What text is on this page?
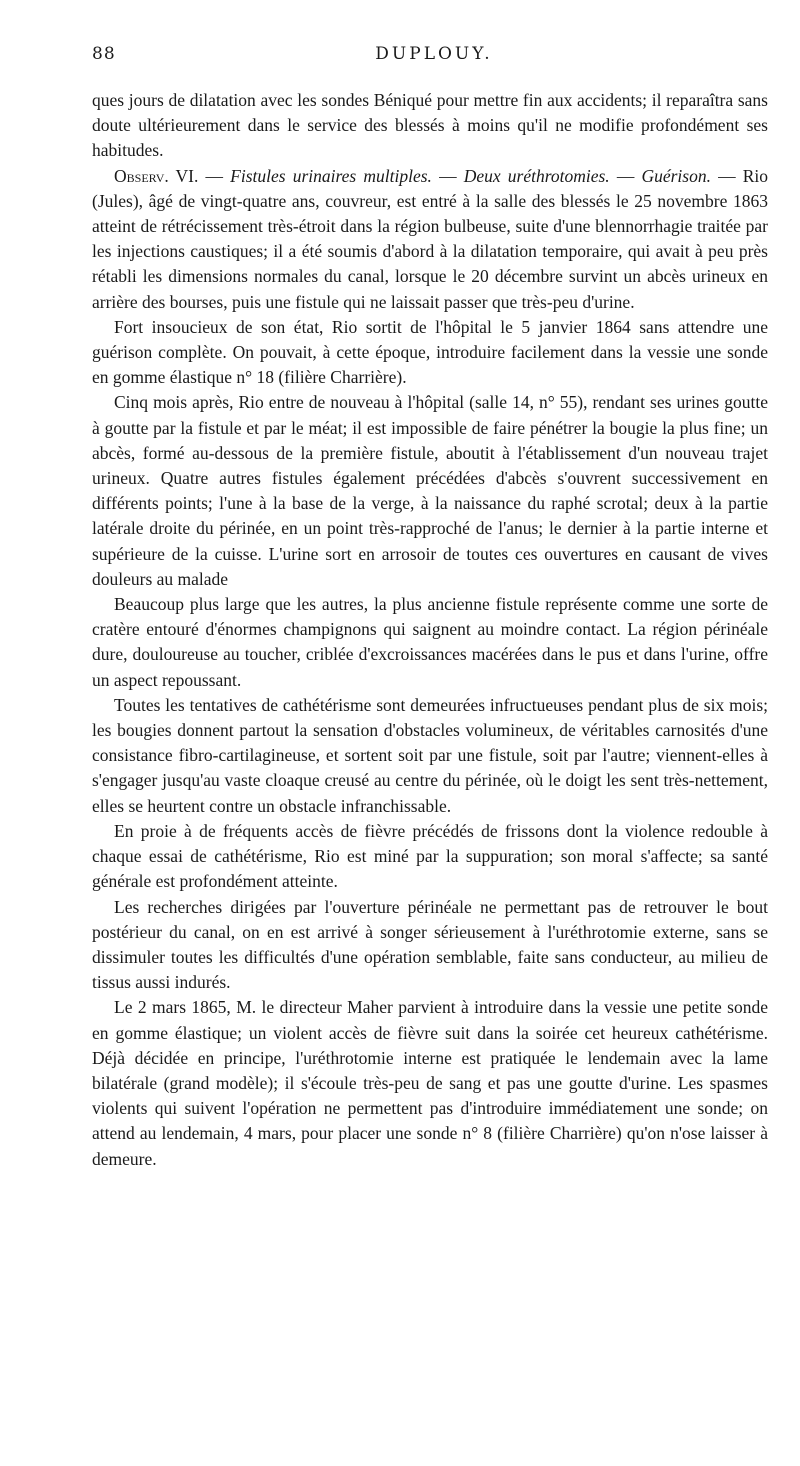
88	DUPLOUY.

ques jours de dilatation avec les sondes Béniqué pour mettre fin aux accidents; il reparaîtra sans doute ultérieurement dans le service des blessés à moins qu'il ne modifie profondément ses habitudes.

Observ. VI. — Fistules urinaires multiples. — Deux uréthrotomies. — Guérison. — Rio (Jules), âgé de vingt-quatre ans, couvreur, est entré à la salle des blessés le 25 novembre 1863 atteint de rétrécissement très-étroit dans la région bulbeuse, suite d'une blennorrhagie traitée par les injections caustiques; il a été soumis d'abord à la dilatation temporaire, qui avait à peu près rétabli les dimensions normales du canal, lorsque le 20 décembre survint un abcès urineux en arrière des bourses, puis une fistule qui ne laissait passer que très-peu d'urine.

Fort insoucieux de son état, Rio sortit de l'hôpital le 5 janvier 1864 sans attendre une guérison complète. On pouvait, à cette époque, introduire facilement dans la vessie une sonde en gomme élastique n° 18 (filière Charrière).

Cinq mois après, Rio entre de nouveau à l'hôpital (salle 14, n° 55), rendant ses urines goutte à goutte par la fistule et par le méat; il est impossible de faire pénétrer la bougie la plus fine; un abcès, formé au-dessous de la première fistule, aboutit à l'établissement d'un nouveau trajet urineux. Quatre autres fistules également précédées d'abcès s'ouvrent successivement en différents points; l'une à la base de la verge, à la naissance du raphé scrotal; deux à la partie latérale droite du périnée, en un point très-rapproché de l'anus; le dernier à la partie interne et supérieure de la cuisse. L'urine sort en arrosoir de toutes ces ouvertures en causant de vives douleurs au malade

Beaucoup plus large que les autres, la plus ancienne fistule représente comme une sorte de cratère entouré d'énormes champignons qui saignent au moindre contact. La région périnéale dure, douloureuse au toucher, criblée d'excroissances macérées dans le pus et dans l'urine, offre un aspect repoussant.

Toutes les tentatives de cathétérisme sont demeurées infructueuses pendant plus de six mois; les bougies donnent partout la sensation d'obstacles volumineux, de véritables carnosités d'une consistance fibro-cartilagineuse, et sortent soit par une fistule, soit par l'autre; viennent-elles à s'engager jusqu'au vaste cloaque creusé au centre du périnée, où le doigt les sent très-nettement, elles se heurtent contre un obstacle infranchissable.

En proie à de fréquents accès de fièvre précédés de frissons dont la violence redouble à chaque essai de cathétérisme, Rio est miné par la suppuration; son moral s'affecte; sa santé générale est profondément atteinte.

Les recherches dirigées par l'ouverture périnéale ne permettant pas de retrouver le bout postérieur du canal, on en est arrivé à songer sérieusement à l'uréthrotomie externe, sans se dissimuler toutes les difficultés d'une opération semblable, faite sans conducteur, au milieu de tissus aussi indurés.

Le 2 mars 1865, M. le directeur Maher parvient à introduire dans la vessie une petite sonde en gomme élastique; un violent accès de fièvre suit dans la soirée cet heureux cathétérisme. Déjà décidée en principe, l'uréthrotomie interne est pratiquée le lendemain avec la lame bilatérale (grand modèle); il s'écoule très-peu de sang et pas une goutte d'urine. Les spasmes violents qui suivent l'opération ne permettent pas d'introduire immédiatement une sonde; on attend au lendemain, 4 mars, pour placer une sonde n° 8 (filière Charrière) qu'on n'ose laisser à demeure.
